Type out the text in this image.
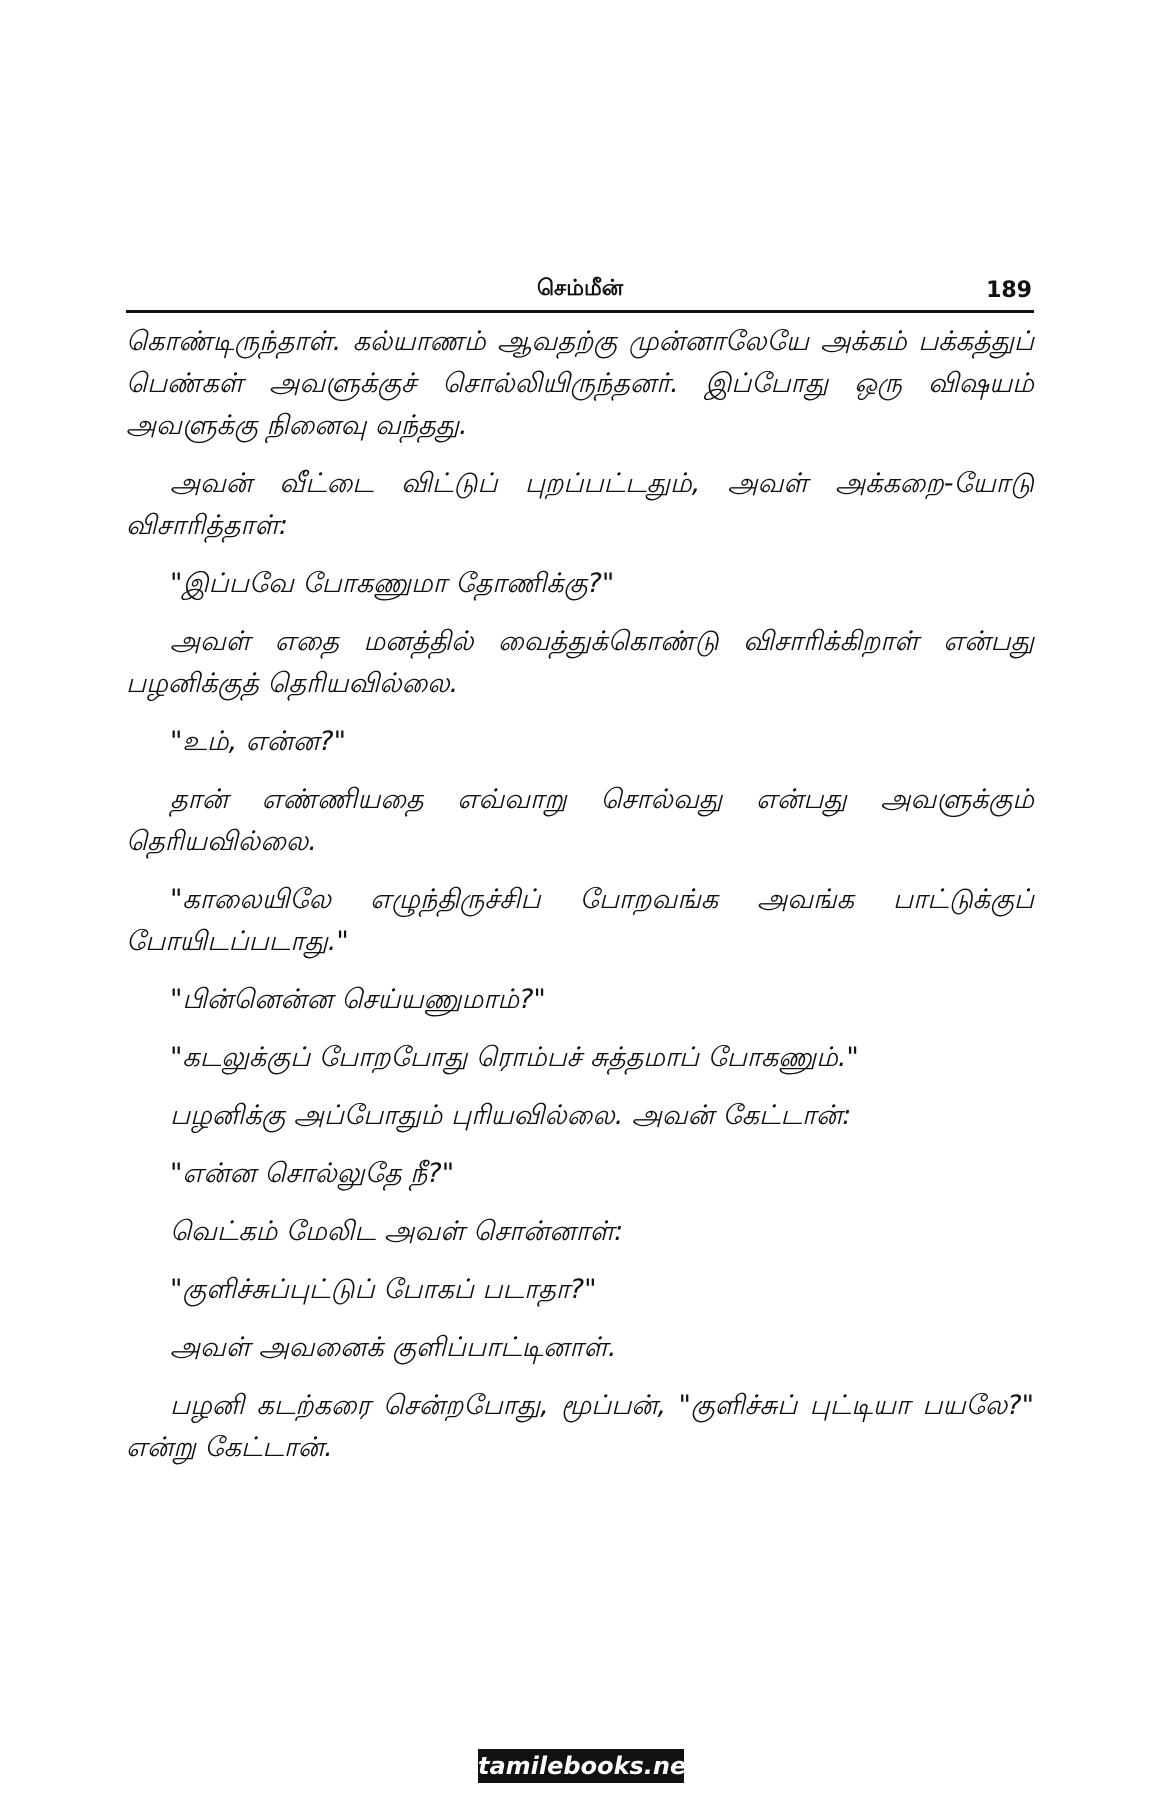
செம்மீன்	189

கொண்டிருந்தாள். கல்யாணம் ஆவதற்கு முன்னாலேயே அக்கம் பக்கத்துப் பெண்கள் அவளுக்குச் சொல்லியிருந்தனர். இப்போது ஒரு விஷயம் அவளுக்கு நினைவு வந்தது.

அவன் வீட்டை விட்டுப் புறப்பட்டதும், அவள் அக்கறை-யோடு விசாரித்தாள்:

"இப்பவே போகணுமா தோணிக்கு?"

அவள் எதை மனத்தில் வைத்துக்கொண்டு விசாரிக்கிறாள் என்பது பழனிக்குத் தெரியவில்லை.

"உம், என்ன?"

தான் எண்ணியதை எவ்வாறு சொல்வது என்பது அவளுக்கும் தெரியவில்லை.

"காலையிலே எழுந்திருச்சிப் போறவங்க அவங்க பாட்டுக்குப் போயிடப்படாது."

"பின்னென்ன செய்யணுமாம்?"

"கடலுக்குப் போறபோது ரொம்பச் சுத்தமாப் போகணும்."

பழனிக்கு அப்போதும் புரியவில்லை. அவன் கேட்டான்:

"என்ன சொல்லுதே நீ?"

வெட்கம் மேலிட அவள் சொன்னாள்:

"குளிச்சுப்புட்டுப் போகப் படாதா?"

அவள் அவனைக் குளிப்பாட்டினாள்.

பழனி கடற்கரை சென்றபோது, மூப்பன், "குளிச்சுப் புட்டியா பயலே?" என்று கேட்டான்.

tamilebooks.net
